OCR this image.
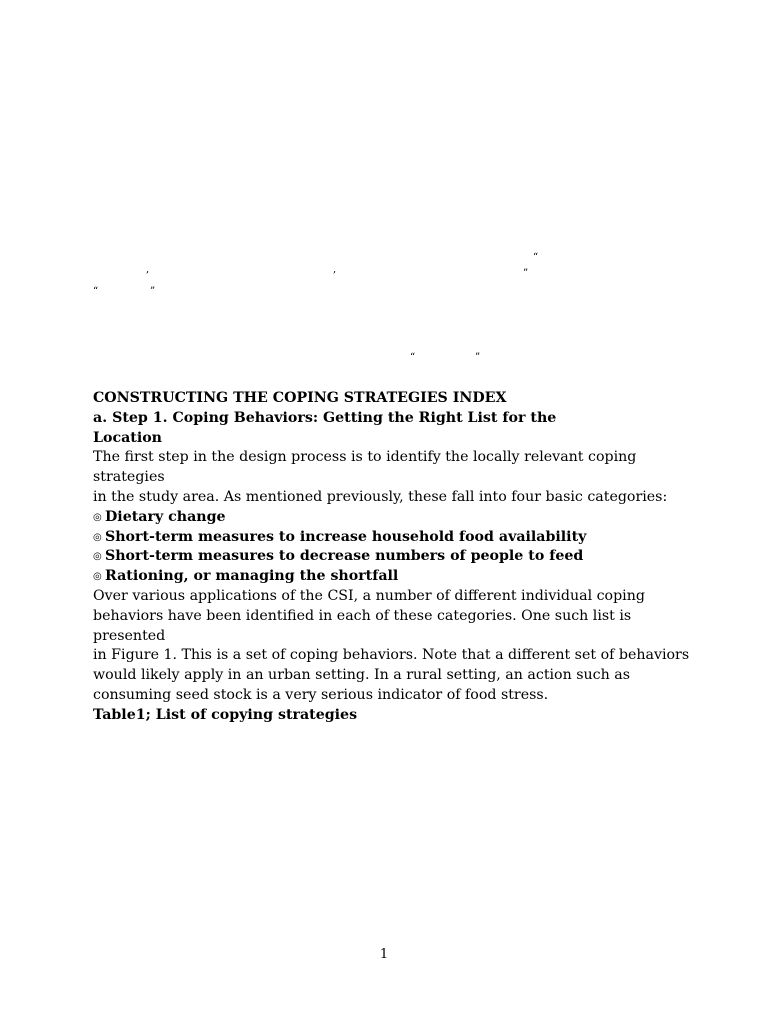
“
,	,	”
“	”
“	”

CONSTRUCTING THE COPING STRATEGIES INDEX

a. Step 1. Coping Behaviors: Getting the Right List for the

Location

The first step in the design process is to identify the locally relevant coping strategies

in the study area. As mentioned previously, these fall into four basic categories:

◎ Dietary change

◎ Short-term measures to increase household food availability

◎ Short-term measures to decrease numbers of people to feed

◎ Rationing, or managing the shortfall

Over various applications of the CSI, a number of different individual coping

behaviors have been identified in each of these categories. One such list is presented

in Figure 1. This is a set of coping behaviors. Note that a different set of behaviors

would likely apply in an urban setting. In a rural setting, an action such as

consuming seed stock is a very serious indicator of food stress.

Table1; List of copying strategies

1
